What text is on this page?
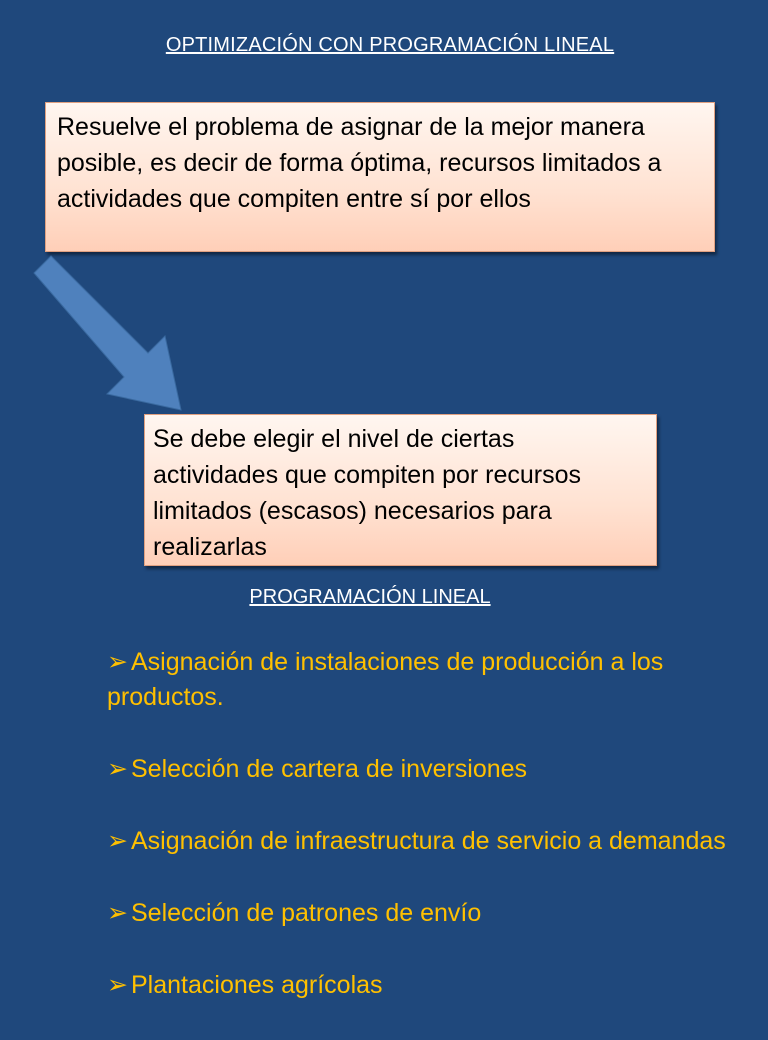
OPTIMIZACIÓN CON PROGRAMACIÓN LINEAL
Resuelve el problema de asignar de la mejor manera posible, es decir de forma óptima, recursos limitados a actividades que compiten entre sí por ellos
Se debe elegir el nivel de ciertas actividades que compiten por recursos limitados (escasos) necesarios para realizarlas
PROGRAMACIÓN LINEAL
➢ Asignación de instalaciones de producción a los productos.
➢ Selección de cartera de inversiones
➢ Asignación de infraestructura de servicio a demandas
➢ Selección de patrones de envío
➢ Plantaciones agrícolas
